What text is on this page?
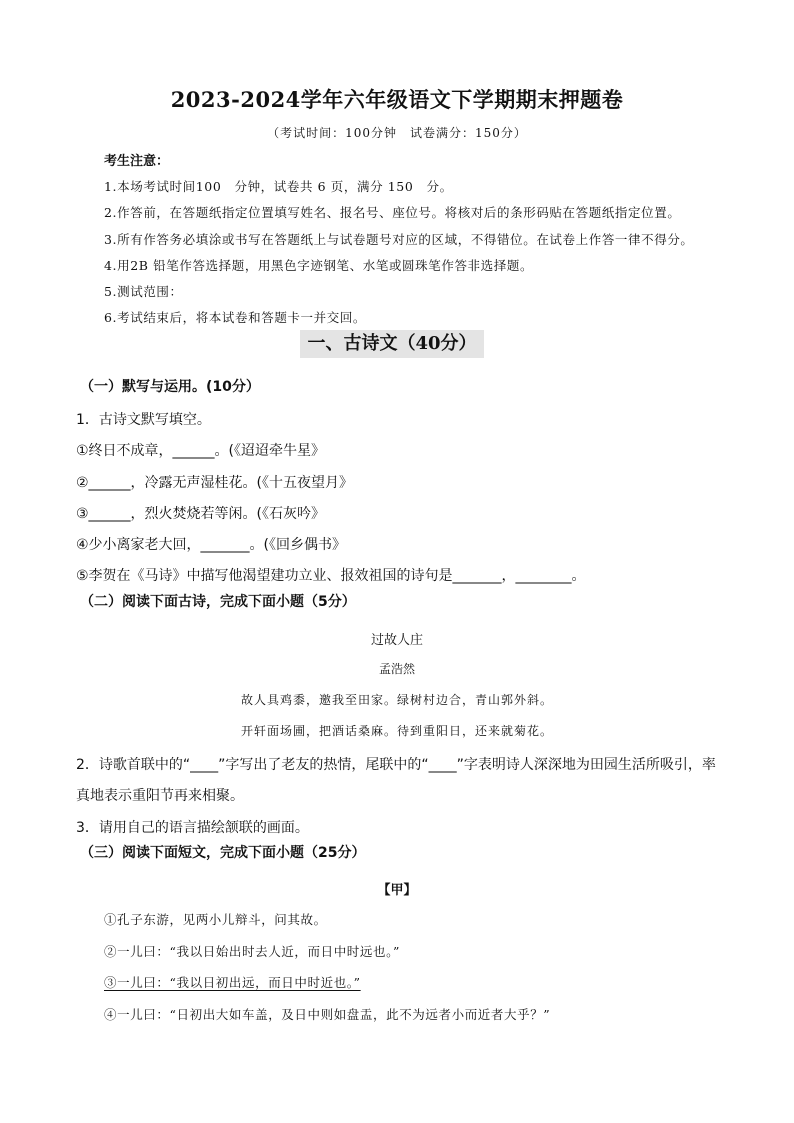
2023-2024学年六年级语文下学期期末押题卷
（考试时间：100分钟　试卷满分：150分）
考生注意：
1.本场考试时间100　分钟，试卷共 6 页，满分 150　分。
2.作答前，在答题纸指定位置填写姓名、报名号、座位号。将核对后的条形码贴在答题纸指定位置。
3.所有作答务必填涂或书写在答题纸上与试卷题号对应的区域，不得错位。在试卷上作答一律不得分。
4.用2B 铅笔作答选择题，用黑色字迹钢笔、水笔或圆珠笔作答非选择题。
5.测试范围：
6.考试结束后，将本试卷和答题卡一并交回。
一、古诗文（40分）
（一）默写与运用。(10分）
1．古诗文默写填空。
①终日不成章，______。(《迢迢牵牛星》
②______，冷露无声湿桂花。(《十五夜望月》
③______，烈火焚烧若等闲。(《石灰吟》
④少小离家老大回，_______。(《回乡偶书》
⑤李贺在《马诗》中描写他渴望建功立业、报效祖国的诗句是_______，________。
（二）阅读下面古诗，完成下面小题（5分）
过故人庄
孟浩然
故人具鸡黍，邀我至田家。绿树村边合，青山郭外斜。
开轩面场圃，把酒话桑麻。待到重阳日，还来就菊花。
2．诗歌首联中的“____”字写出了老友的热情，尾联中的“____”字表明诗人深深地为田园生活所吸引，率
真地表示重阳节再来相聚。
3．请用自己的语言描绘颔联的画面。
（三）阅读下面短文，完成下面小题（25分）
【甲】
①孔子东游，见两小儿辩斗，问其故。
②一儿曰：“我以日始出时去人近，而日中时远也。”
③一儿曰：“我以日初出远，而日中时近也。”
④一儿曰：“日初出大如车盖，及日中则如盘盂，此不为远者小而近者大乎？”
